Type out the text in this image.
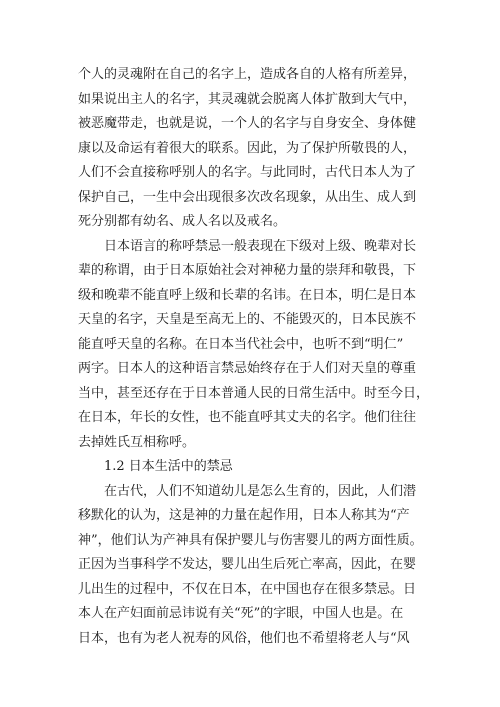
个人的灵魂附在自己的名字上，造成各自的人格有所差异，
如果说出主人的名字，其灵魂就会脱离人体扩散到大气中，
被恶魔带走，也就是说，一个人的名字与自身安全、身体健
康以及命运有着很大的联系。因此，为了保护所敬畏的人，
人们不会直接称呼别人的名字。与此同时，古代日本人为了
保护自己，一生中会出现很多次改名现象，从出生、成人到
死分别都有幼名、成人名以及戒名。
日本语言的称呼禁忌一般表现在下级对上级、晚辈对长
辈的称谓，由于日本原始社会对神秘力量的崇拜和敬畏，下
级和晚辈不能直呼上级和长辈的名讳。在日本，明仁是日本
天皇的名字，天皇是至高无上的、不能毁灭的，日本民族不
能直呼天皇的名称。在日本当代社会中，也听不到“明仁”
两字。日本人的这种语言禁忌始终存在于人们对天皇的尊重
当中，甚至还存在于日本普通人民的日常生活中。时至今日，
在日本，年长的女性，也不能直呼其丈夫的名字。他们往往
去掉姓氏互相称呼。
1.2 日本生活中的禁忌
在古代，人们不知道幼儿是怎么生育的，因此，人们潜
移默化的认为，这是神的力量在起作用，日本人称其为“产
神”，他们认为产神具有保护婴儿与伤害婴儿的两方面性质。
正因为当事科学不发达，婴儿出生后死亡率高，因此，在婴
儿出生的过程中，不仅在日本，在中国也存在很多禁忌。日
本人在产妇面前忌讳说有关“死”的字眼，中国人也是。在
日本，也有为老人祝寿的风俗，他们也不希望将老人与“风
